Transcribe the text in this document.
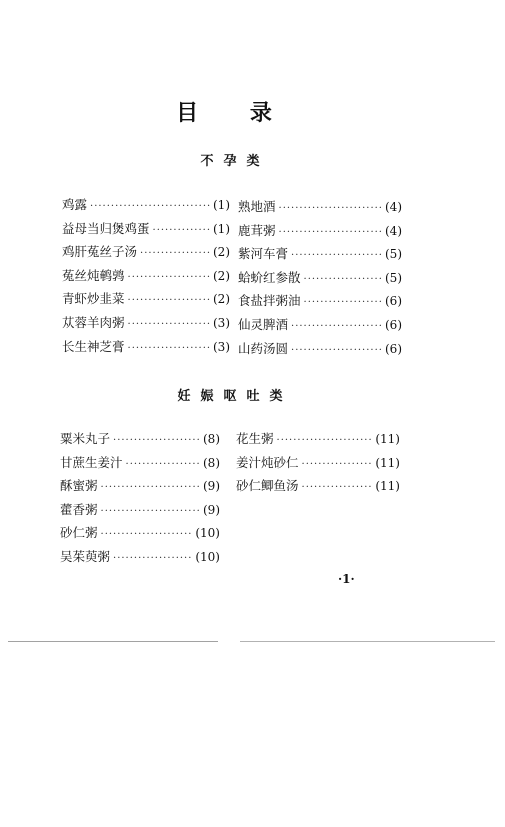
目 录
不孕类
鸡露 ·····	(1)
益母当归煲鸡蛋 ·····	(1)
鸡肝菟丝子汤 ·····	(2)
菟丝炖鹌鹑 ·····	(2)
青虾炒韭菜 ·····	(2)
苁蓉羊肉粥 ·····	(3)
长生神芝膏 ·····	(3)
熟地酒 ·····	(4)
鹿茸粥 ·····	(4)
紫河车膏 ·····	(5)
蛤蚧红参散 ·····	(5)
食盐拌粥油 ·····	(6)
仙灵脾酒 ·····	(6)
山药汤圆 ·····	(6)
妊娠呕吐类
粟米丸子 ·····	(8)
甘蔗生姜汁 ·····	(8)
酥蜜粥 ·····	(9)
藿香粥 ·····	(9)
砂仁粥 ·····	(10)
吴茱萸粥 ·····	(10)
花生粥 ·····	(11)
姜汁炖砂仁 ·····	(11)
砂仁鲫鱼汤 ·····	(11)
·1·
